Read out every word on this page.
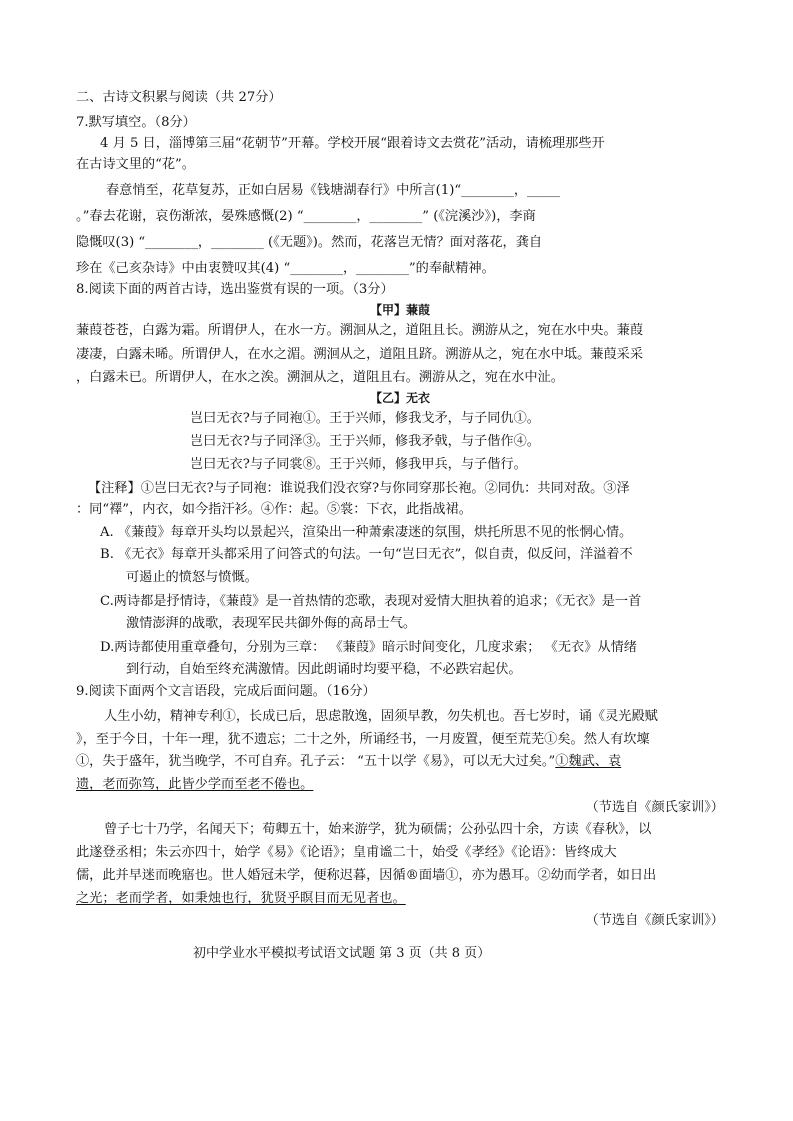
二、古诗文积累与阅读（共 27分）
7.默写填空。（8分）
4 月 5 日，淄博第三届“花朝节”开幕。学校开展“跟着诗文去赏花”活动，请梳理那些开
在古诗文里的“花”。
春意悄至，花草复苏，正如白居易《钱塘湖春行》中所言(1)“________，_____
。”春去花谢，哀伤渐浓，晏殊感慨(2) “________，________” (《浣溪沙》)，李商
隐慨叹(3) “________，________ (《无题》)。然而，花落岂无情？面对落花，龚自
珍在《己亥杂诗》中由衷赞叹其(4) “________，________”的奉献精神。
8.阅读下面的两首古诗，选出鉴赏有误的一项。（3分）
【甲】蒹葭
蒹葭苍苍，白露为霜。所谓伊人，在水一方。溯洄从之，道阻且长。溯游从之，宛在水中央。蒹葭
凄凄，白露未晞。所谓伊人，在水之湄。溯洄从之，道阻且跻。溯游从之，宛在水中坻。蒹葭采采
，白露未已。所谓伊人，在水之涘。溯洄从之，道阻且右。溯游从之，宛在水中沚。
【乙】无衣
岂曰无衣?与子同袍①。王于兴师，修我戈矛，与子同仇①。
岂曰无衣?与子同泽③。王于兴师，修我矛戟，与子偕作④。
岂曰无衣?与子同裳⑧。王于兴师，修我甲兵，与子偕行。
【注释】①岂曰无衣?与子同袍：谁说我们没衣穿?与你同穿那长袍。②同仇：共同对敌。③泽
：同“襗”，内衣，如今指汗衫。④作：起。⑤裳：下衣，此指战裙。
A. 《蒹葭》每章开头均以景起兴，渲染出一种萧索凄迷的氛围，烘托所思不见的怅惘心情。
B. 《无衣》每章开头都采用了问答式的句法。一句“岂曰无衣”，似自责，似反问，洋溢着不
可遏止的愤怒与愤慨。
C.两诗都是抒情诗，《蒹葭》是一首热情的恋歌，表现对爱情大胆执着的追求；《无衣》是一首
激情澎湃的战歌，表现军民共御外侮的高昂士气。
D.两诗都使用重章叠句，分别为三章： 《蒹葭》暗示时间变化，几度求索； 《无衣》从情绪
到行动，自始至终充满激情。因此朗诵时均要平稳，不必跌宕起伏。
9.阅读下面两个文言语段，完成后面问题。（16分）
人生小幼，精神专利①，长成已后，思虑散逸，固须早教，勿失机也。吾七岁时，诵《灵光殿赋
》，至于今日，十年一理，犹不遗忘；二十之外，所诵经书，一月废置，便至荒芜①矣。然人有坎壈
①，失于盛年，犹当晚学，不可自弃。孔子云： “五十以学《易》，可以无大过矣。”①魏武、袁
遗，老而弥笃，此皆少学而至老不倦也。
（节选自《颜氏家训》）
曾子七十乃学，名闻天下；荀卿五十，始来游学，犹为硕儒；公孙弘四十余，方读《春秋》，以
此遂登丞相；朱云亦四十，始学《易》《论语》；皇甫谧二十，始受《孝经》《论语》：皆终成大
儒，此并早迷而晚寤也。世人婚冠未学，便称迟暮，因循®面墙①，亦为愚耳。②幼而学者，如日出
之光；老而学者，如秉烛也行，犹贤乎瞑目而无见者也。
（节选自《颜氏家训》）
初中学业水平模拟考试语文试题 第 3 页（共 8 页）
